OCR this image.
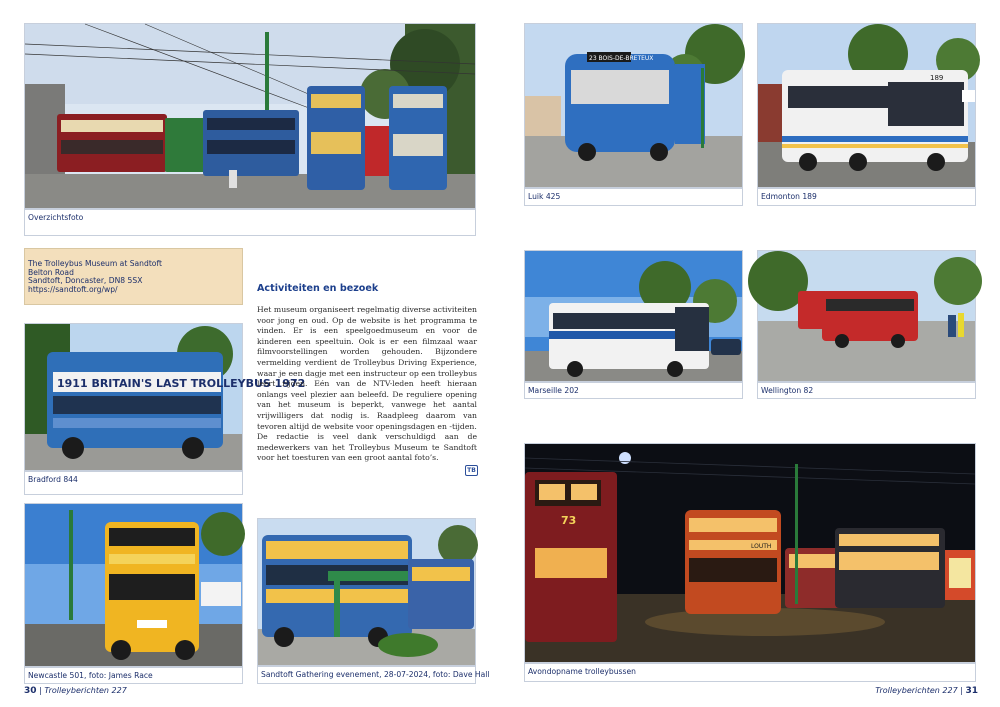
Overzichtsfoto
The Trolleybus Museum at Sandtoft
Belton Road
Sandtoft, Doncaster, DN8 5SX
https://sandtoft.org/wp/
1911 BRITAIN'S LAST TROLLEYBUS 1972
Bradford 844
Activiteiten en bezoek

Het museum organiseert regelmatig diverse activiteiten voor jong en oud. Op de website is het programma te vinden. Er is een speelgoedmuseum en voor de kinderen een speeltuin. Ook is er een filmzaal waar filmvoorstellingen worden gehouden. Bijzondere vermelding verdient de Trolleybus Driving Experience, waar je een dagje met een instructeur op een trolleybus leert rijden. Eén van de NTV-leden heeft hieraan onlangs veel plezier aan beleefd. De reguliere opening van het museum is beperkt, vanwege het aantal vrijwilligers dat nodig is. Raadpleeg daarom van tevoren altijd de website voor openingsdagen en -tijden.

De redactie is veel dank verschuldigd aan de medewerkers van het Trolleybus Museum te Sandtoft voor het toesturen van een groot aantal foto’s.

TB
Newcastle 501, foto: James Race	Sandtoft Gathering evenement, 28-07-2024, foto: Dave Hall
30 | Trolleyberichten 227
23 BOIS-DE-BRETEUX
Luik 425
189
Edmonton 189
Marseille 202	Wellington 82
73
LOUTH
Avondopname trolleybussen
Trolleyberichten 227 | 31
